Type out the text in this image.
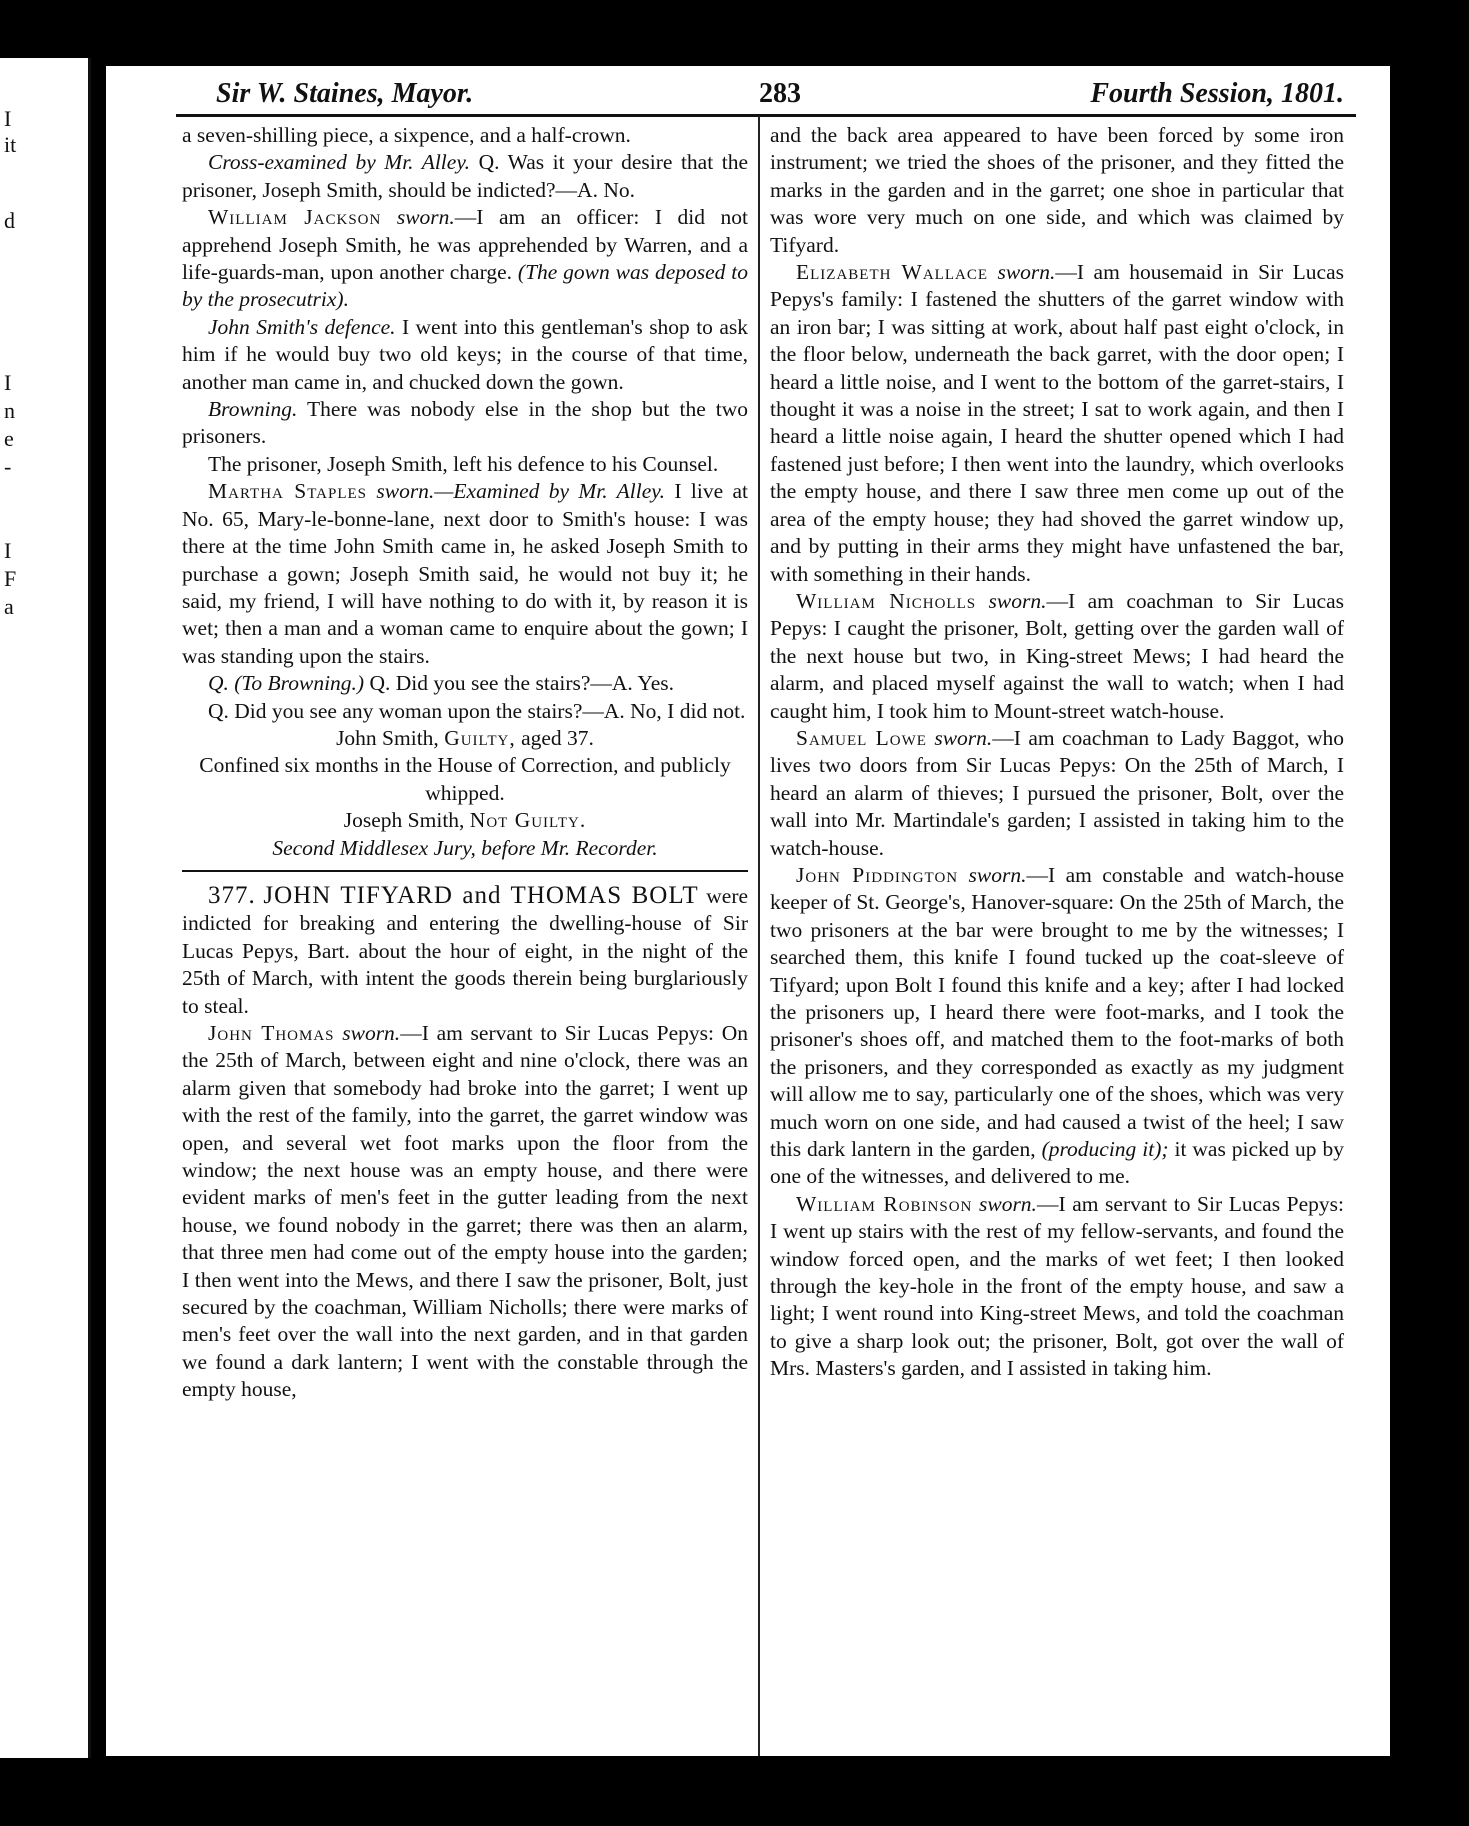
I
it
d
I
n
e
-
I
F
a
Sir W. Staines, Mayor.	283	Fourth Session, 1801.

a seven-shilling piece, a sixpence, and a half-crown.

Cross-examined by Mr. Alley. Q. Was it your desire that the prisoner, Joseph Smith, should be indicted?—A. No.

William Jackson sworn.—I am an officer: I did not apprehend Joseph Smith, he was apprehended by Warren, and a life-guards-man, upon another charge. (The gown was deposed to by the prosecutrix).

John Smith's defence. I went into this gentleman's shop to ask him if he would buy two old keys; in the course of that time, another man came in, and chucked down the gown.

Browning. There was nobody else in the shop but the two prisoners.

The prisoner, Joseph Smith, left his defence to his Counsel.

Martha Staples sworn.—Examined by Mr. Alley. I live at No. 65, Mary-le-bonne-lane, next door to Smith's house: I was there at the time John Smith came in, he asked Joseph Smith to purchase a gown; Joseph Smith said, he would not buy it; he said, my friend, I will have nothing to do with it, by reason it is wet; then a man and a woman came to enquire about the gown; I was standing upon the stairs.

Q. (To Browning.) Q. Did you see the stairs?—A. Yes.

Q. Did you see any woman upon the stairs?—A. No, I did not.

John Smith, Guilty, aged 37.

Confined six months in the House of Correction, and publicly whipped.

Joseph Smith, Not Guilty.

Second Middlesex Jury, before Mr. Recorder.

377. JOHN TIFYARD and THOMAS BOLT were indicted for breaking and entering the dwelling-house of Sir Lucas Pepys, Bart. about the hour of eight, in the night of the 25th of March, with intent the goods therein being burglariously to steal.

John Thomas sworn.—I am servant to Sir Lucas Pepys: On the 25th of March, between eight and nine o'clock, there was an alarm given that somebody had broke into the garret; I went up with the rest of the family, into the garret, the garret window was open, and several wet foot marks upon the floor from the window; the next house was an empty house, and there were evident marks of men's feet in the gutter leading from the next house, we found nobody in the garret; there was then an alarm, that three men had come out of the empty house into the garden; I then went into the Mews, and there I saw the prisoner, Bolt, just secured by the coachman, William Nicholls; there were marks of men's feet over the wall into the next garden, and in that garden we found a dark lantern; I went with the constable through the empty house,

and the back area appeared to have been forced by some iron instrument; we tried the shoes of the prisoner, and they fitted the marks in the garden and in the garret; one shoe in particular that was wore very much on one side, and which was claimed by Tifyard.

Elizabeth Wallace sworn.—I am housemaid in Sir Lucas Pepys's family: I fastened the shutters of the garret window with an iron bar; I was sitting at work, about half past eight o'clock, in the floor below, underneath the back garret, with the door open; I heard a little noise, and I went to the bottom of the garret-stairs, I thought it was a noise in the street; I sat to work again, and then I heard a little noise again, I heard the shutter opened which I had fastened just before; I then went into the laundry, which overlooks the empty house, and there I saw three men come up out of the area of the empty house; they had shoved the garret window up, and by putting in their arms they might have unfastened the bar, with something in their hands.

William Nicholls sworn.—I am coachman to Sir Lucas Pepys: I caught the prisoner, Bolt, getting over the garden wall of the next house but two, in King-street Mews; I had heard the alarm, and placed myself against the wall to watch; when I had caught him, I took him to Mount-street watch-house.

Samuel Lowe sworn.—I am coachman to Lady Baggot, who lives two doors from Sir Lucas Pepys: On the 25th of March, I heard an alarm of thieves; I pursued the prisoner, Bolt, over the wall into Mr. Martindale's garden; I assisted in taking him to the watch-house.

John Piddington sworn.—I am constable and watch-house keeper of St. George's, Hanover-square: On the 25th of March, the two prisoners at the bar were brought to me by the witnesses; I searched them, this knife I found tucked up the coat-sleeve of Tifyard; upon Bolt I found this knife and a key; after I had locked the prisoners up, I heard there were foot-marks, and I took the prisoner's shoes off, and matched them to the foot-marks of both the prisoners, and they corresponded as exactly as my judgment will allow me to say, particularly one of the shoes, which was very much worn on one side, and had caused a twist of the heel; I saw this dark lantern in the garden, (producing it); it was picked up by one of the witnesses, and delivered to me.

William Robinson sworn.—I am servant to Sir Lucas Pepys: I went up stairs with the rest of my fellow-servants, and found the window forced open, and the marks of wet feet; I then looked through the key-hole in the front of the empty house, and saw a light; I went round into King-street Mews, and told the coachman to give a sharp look out; the prisoner, Bolt, got over the wall of Mrs. Masters's garden, and I assisted in taking him.
